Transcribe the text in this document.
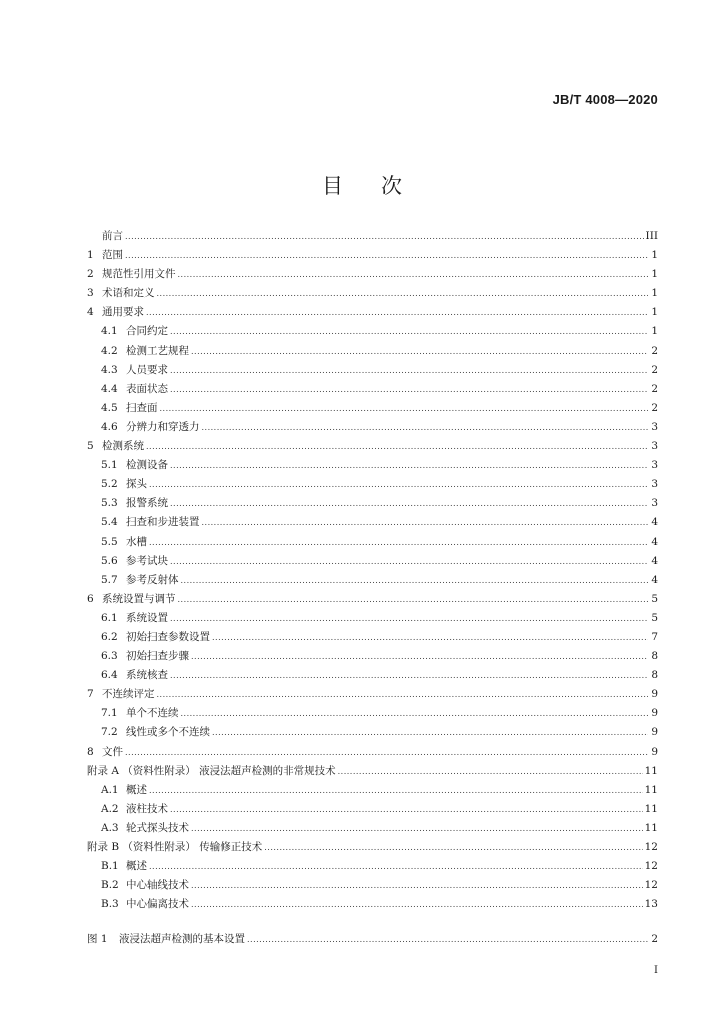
JB/T 4008—2020
目次
前言 .....	III
1 范围 .....	1
2 规范性引用文件 .....	1
3 术语和定义 .....	1
4 通用要求 .....	1
4.1 合同约定 .....	1
4.2 检测工艺规程 .....	2
4.3 人员要求 .....	2
4.4 表面状态 .....	2
4.5 扫查面 .....	2
4.6 分辨力和穿透力 .....	3
5 检测系统 .....	3
5.1 检测设备 .....	3
5.2 探头 .....	3
5.3 报警系统 .....	3
5.4 扫查和步进装置 .....	4
5.5 水槽 .....	4
5.6 参考试块 .....	4
5.7 参考反射体 .....	4
6 系统设置与调节 .....	5
6.1 系统设置 .....	5
6.2 初始扫查参数设置 .....	7
6.3 初始扫查步骤 .....	8
6.4 系统核查 .....	8
7 不连续评定 .....	9
7.1 单个不连续 .....	9
7.2 线性或多个不连续 .....	9
8 文件 .....	9
附录 A （资料性附录） 液浸法超声检测的非常规技术 .....	11
A.1 概述 .....	11
A.2 液柱技术 .....	11
A.3 轮式探头技术 .....	11
附录 B （资料性附录） 传输修正技术 .....	12
B.1 概述 .....	12
B.2 中心轴线技术 .....	12
B.3 中心偏离技术 .....	13
图 1	液浸法超声检测的基本设置 .....	2
I
